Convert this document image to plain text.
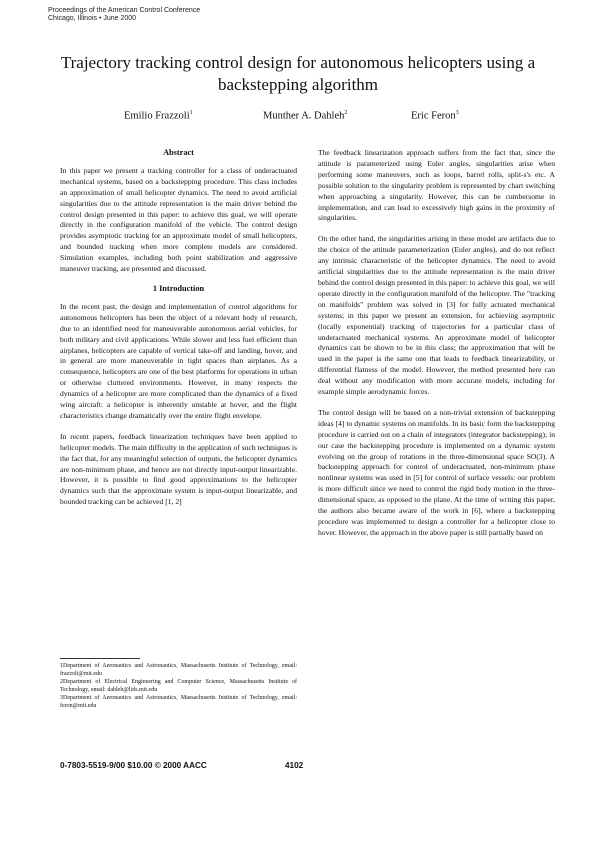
Proceedings of the American Control Conference
Chicago, Illinois • June 2000
Trajectory tracking control design for autonomous helicopters using a backstepping algorithm
Emilio Frazzoli$^1$	Munther A. Dahleh$^2$	Eric Feron$^3$
Abstract

In this paper we present a tracking controller for a class of underactuated mechanical systems, based on a backstepping procedure. This class includes an approximation of small helicopter dynamics. The need to avoid artificial singularities due to the attitude representation is the main driver behind the control design presented in this paper: to achieve this goal, we will operate directly in the configuration manifold of the vehicle. The control design provides asymptotic tracking for an approximate model of small helicopters, and bounded tracking when more complete models are considered. Simulation examples, including both point stabilization and aggressive maneuver tracking, are presented and discussed.

1 Introduction

In the recent past, the design and implementation of control algorithms for autonomous helicopters has been the object of a relevant body of research, due to an identified need for maneuverable autonomous aerial vehicles, for both military and civil applications. While slower and less fuel efficient than airplanes, helicopters are capable of vertical take-off and landing, hover, and in general are more maneuverable in tight spaces than airplanes. As a consequence, helicopters are one of the best platforms for operations in urban or otherwise cluttered environments. However, in many respects the dynamics of a helicopter are more complicated than the dynamics of a fixed wing aircraft: a helicopter is inherently unstable at hover, and the flight characteristics change dramatically over the entire flight envelope.

In recent papers, feedback linearization techniques have been applied to helicopter models. The main difficulty in the application of such techniques is the fact that, for any meaningful selection of outputs, the helicopter dynamics are non-minimum phase, and hence are not directly input-output linearizable. However, it is possible to find good approximations to the helicopter dynamics such that the approximate system is input-output linearizable, and bounded tracking can be achieved [1, 2]

The feedback linearization approach suffers from the fact that, since the attitude is parameterized using Euler angles, singularities arise when performing some maneuvers, such as loops, barrel rolls, split-s's etc. A possible solution to the singularity problem is represented by chart switching when approaching a singularity. However, this can be cumbersome in implementation, and can lead to excessively high gains in the proximity of singularities.

On the other hand, the singularities arising in these model are artifacts due to the choice of the attitude parameterization (Euler angles), and do not reflect any intrinsic characteristic of the helicopter dynamics. The need to avoid artificial singularities due to the attitude representation is the main driver behind the control design presented in this paper: to achieve this goal, we will operate directly in the configuration manifold of the helicopter. The "tracking on manifolds" problem was solved in [3] for fully actuated mechanical systems; in this paper we present an extension, for achieving asymptotic (locally exponential) tracking of trajectories for a particular class of underactuated mechanical systems. An approximate model of helicopter dynamics can be shown to be in this class; the approximation that will be used in the paper is the same one that leads to feedback linearizability, or differential flatness of the model. However, the method presented here can deal without any modification with more accurate models, including for example simple aerodynamic forces.

The control design will be based on a non-trivial extension of backstepping ideas [4] to dynamic systems on manifolds. In its basic form the backstepping procedure is carried out on a chain of integrators (integrator backstepping); in our case the backstepping procedure is implemented on a dynamic system evolving on the group of rotations in the three-dimensional space SO(3). A backstepping approach for control of underactuated, non-minimum phase nonlinear systems was used in [5] for control of surface vessels: our problem is more difficult since we need to control the rigid body motion in the three-dimensional space, as opposed to the plane. At the time of writing this paper, the authors also became aware of the work in [6], where a backstepping procedure was implemented to design a controller for a helicopter close to hover. However, the approach in the above paper is still partially based on

1Department of Aeronautics and Astronautics, Massachusetts Institute of Technology, email: frazzoli@mit.edu

2Department of Electrical Engineering and Computer Science, Massachusetts Institute of Technology, email: dahleh@lids.mit.edu

3Department of Aeronautics and Astronautics, Massachusetts Institute of Technology, email: feron@mit.edu

0-7803-5519-9/00 $10.00 © 2000 AACC	4102
